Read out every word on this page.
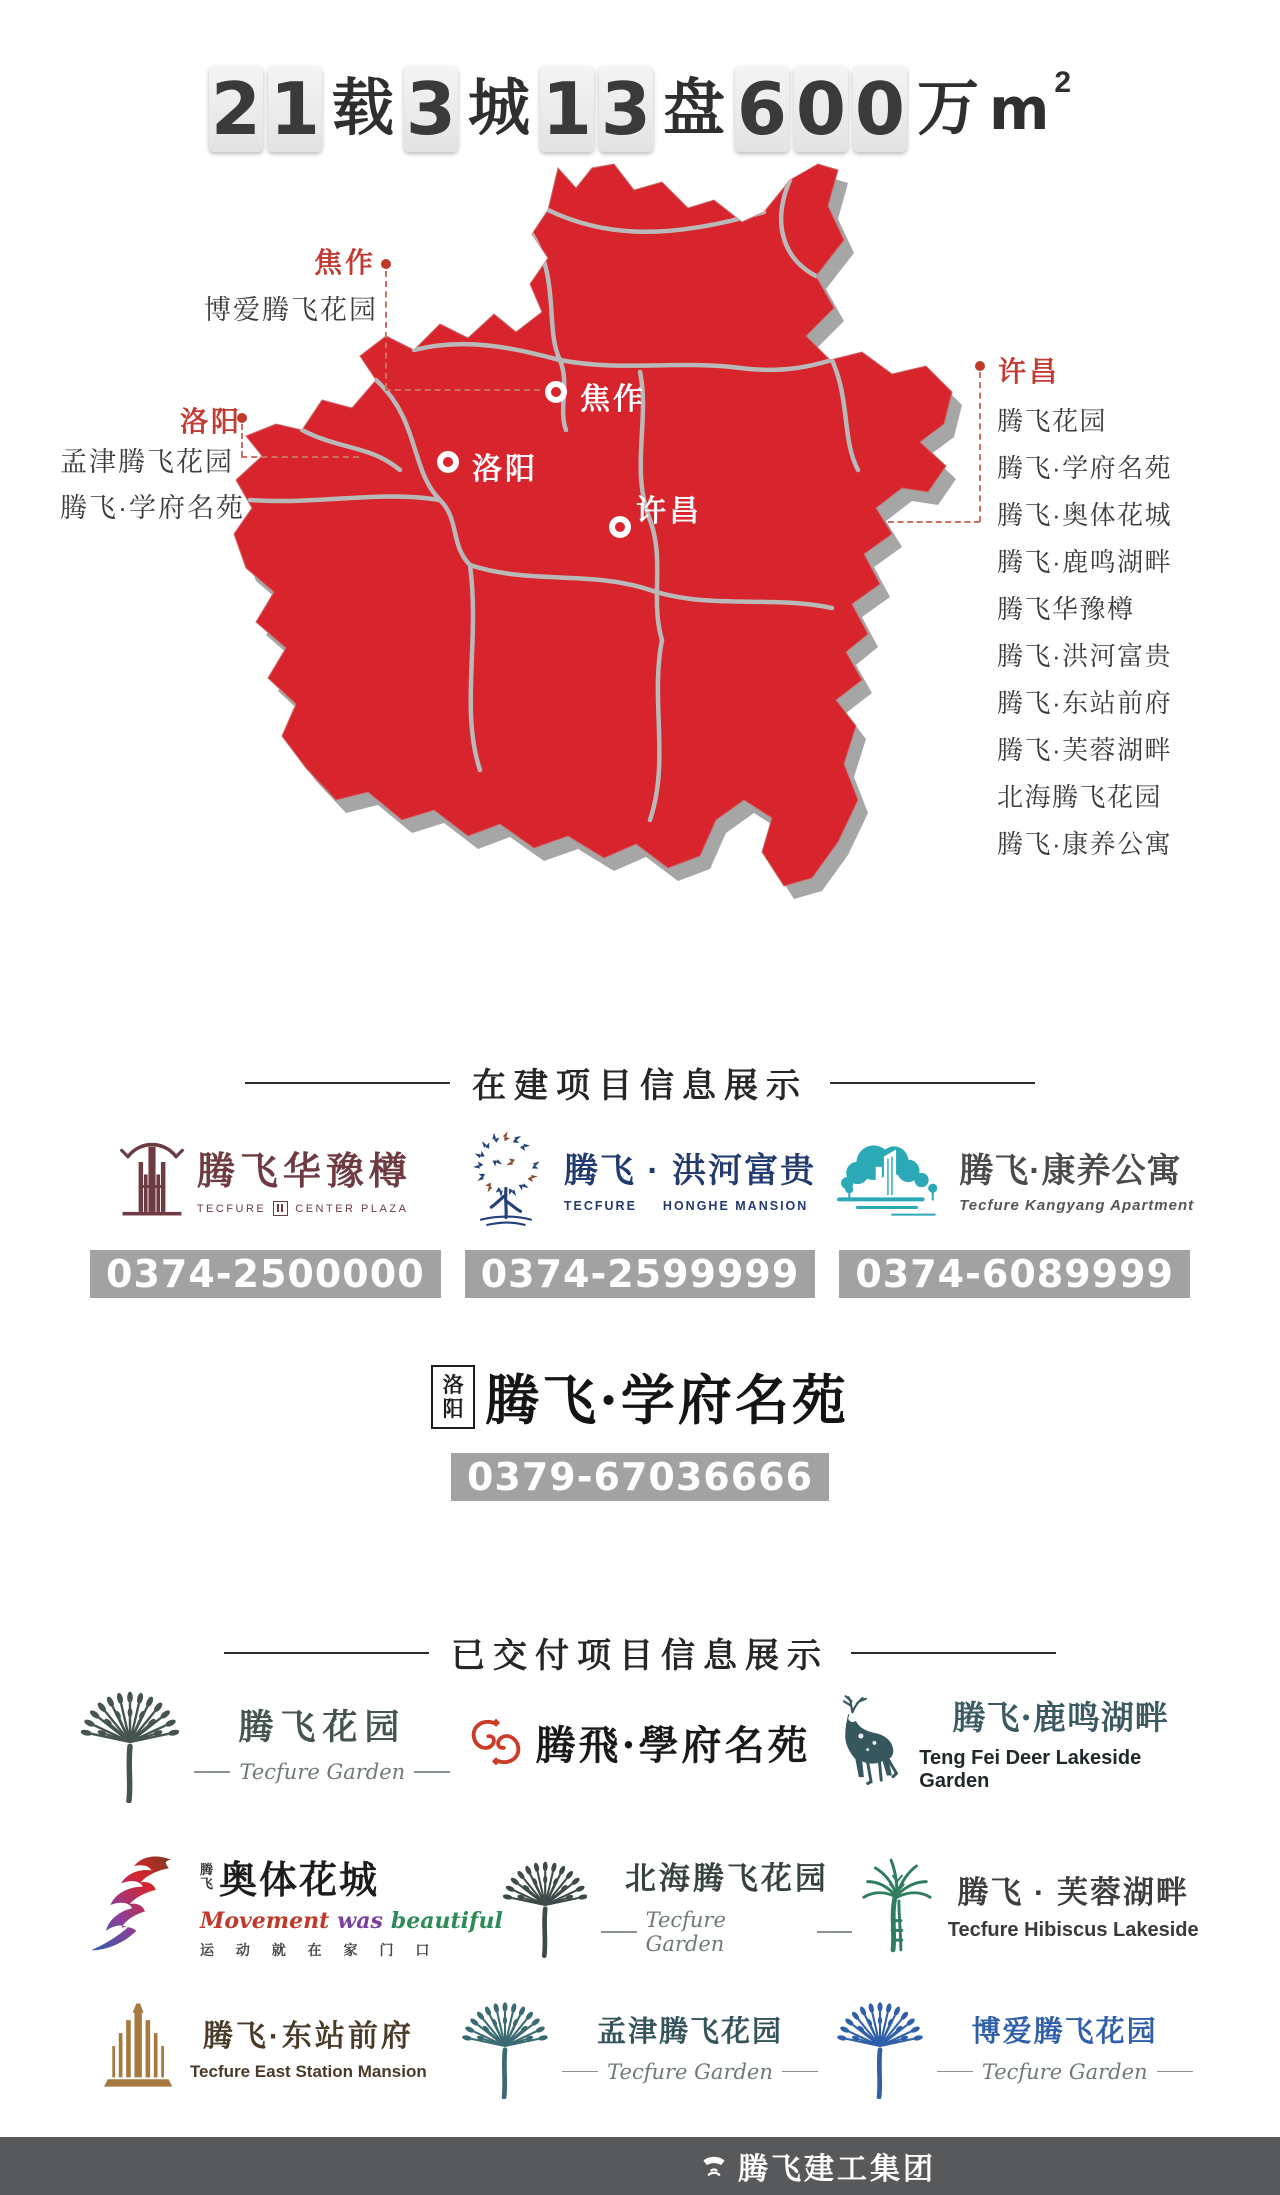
2 1 载 3 城 1 3 盘 6 0 0 万 m 2
焦作
洛阳
许昌
焦作
博爱腾飞花园
洛阳
孟津腾飞花园
腾飞·学府名苑
许昌
腾飞花园
腾飞·学府名苑
腾飞·奥体花城
腾飞·鹿鸣湖畔
腾飞华豫樽
腾飞·洪河富贵
腾飞·东站前府
腾飞·芙蓉湖畔
北海腾飞花园
腾飞·康养公寓
在建项目信息展示
腾飞华豫樽
TECFURE	CENTER PLAZA
0374-2500000
腾飞 · 洪河富贵
TECFURE HONGHE MANSION
0374-2599999
腾飞·康养公寓
Tecfure Kangyang Apartment
0374-6089999
洛
阳 腾飞·学府名苑
0379-67036666
已交付项目信息展示
腾飞花园
Tecfure Garden
腾飛·學府名苑
腾飞·鹿鸣湖畔
Teng Fei Deer Lakeside Garden
腾
飞 奥体花城
Movement was beautiful
运 动 就 在 家 门 口
北海腾飞花园
Tecfure Garden
腾飞 · 芙蓉湖畔
Tecfure Hibiscus Lakeside
腾飞·东站前府
Tecfure East Station Mansion
孟津腾飞花园
Tecfure Garden
博爱腾飞花园
Tecfure Garden
腾飞建工集团
